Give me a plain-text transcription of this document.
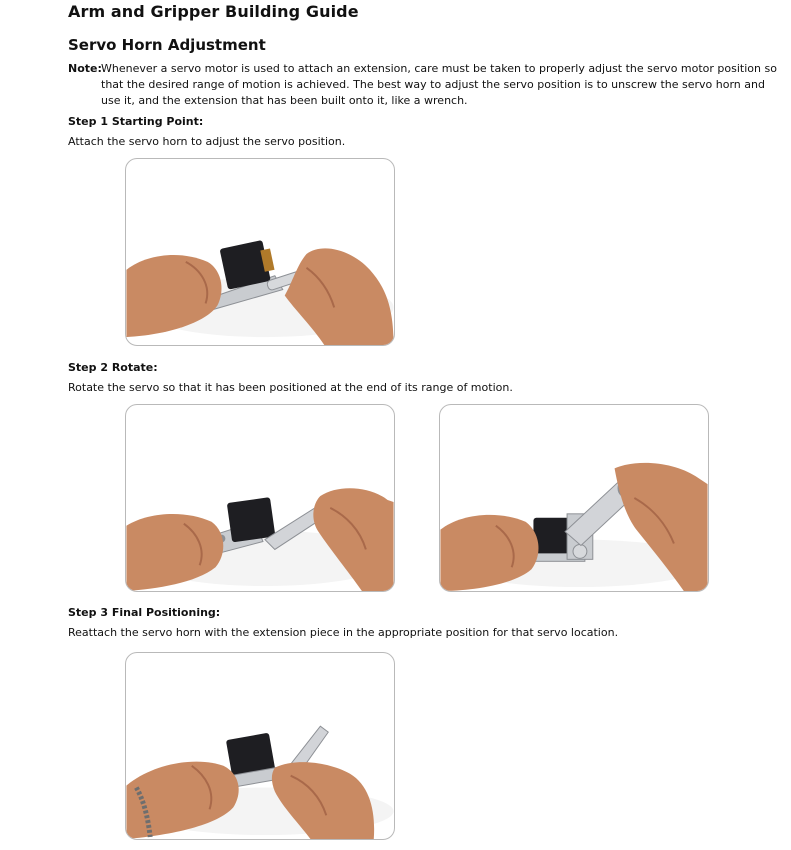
Arm and Gripper Building Guide
Servo Horn Adjustment
Note: Whenever a servo motor is used to attach an extension, care must be taken to properly adjust the servo motor position so that the desired range of motion is achieved. The best way to adjust the servo position is to unscrew the servo horn and use it, and the extension that has been built onto it, like a wrench.
Step 1 Starting Point:
Attach the servo horn to adjust the servo position.
Step 2 Rotate:
Rotate the servo so that it has been positioned at the end of its range of motion.
Step 3 Final Positioning:
Reattach the servo horn with the extension piece in the appropriate position for that servo location.
